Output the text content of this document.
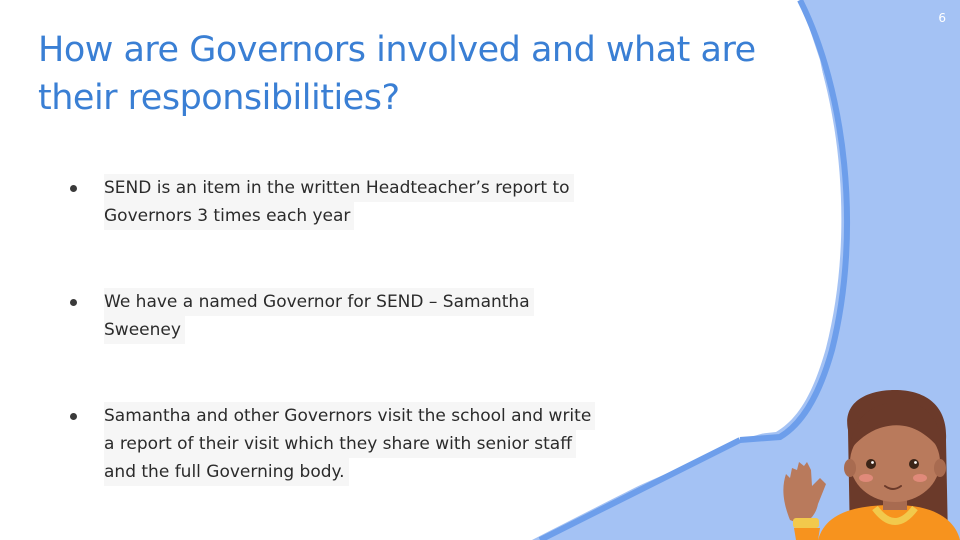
6
How are Governors involved and what are
their responsibilities?
SEND is an item in the written Headteacher’s report to
Governors 3 times each year
We have a named Governor for SEND – Samantha
Sweeney
Samantha and other Governors visit the school and write
a report of their visit which they share with senior staff
and the full Governing body.
